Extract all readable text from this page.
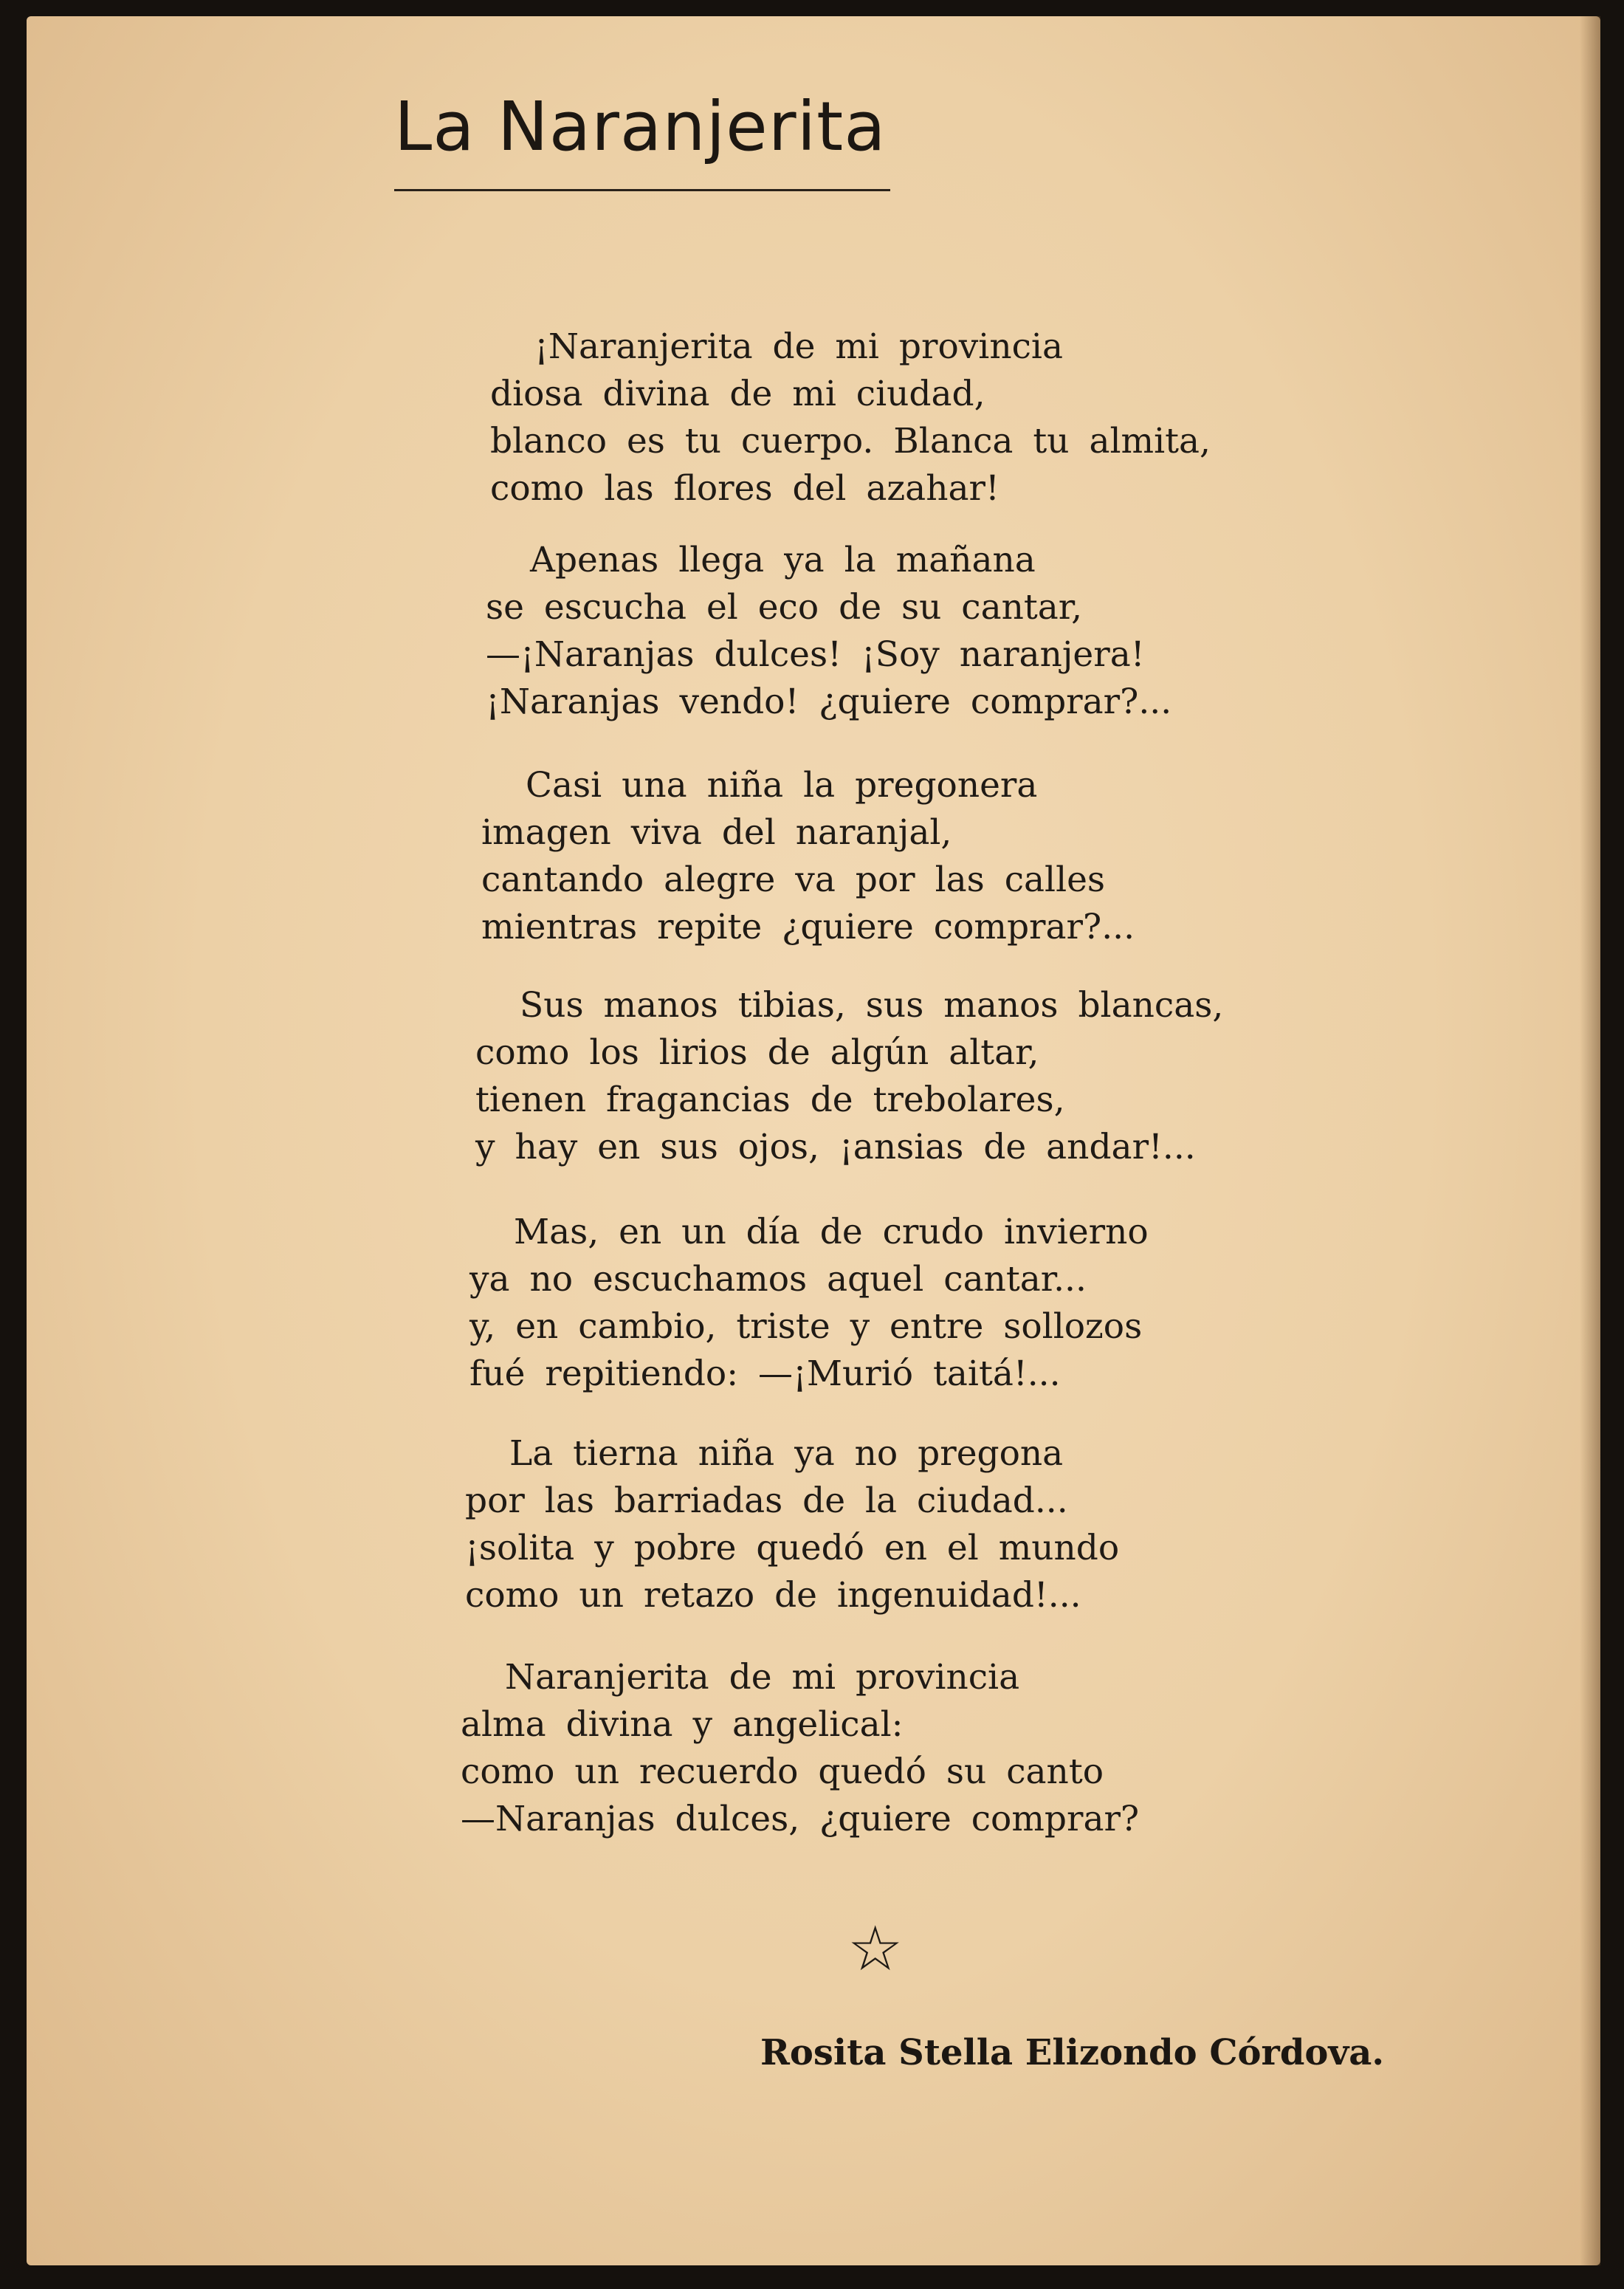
La Naranjerita
¡Naranjerita de mi provincia
diosa divina de mi ciudad,
blanco es tu cuerpo. Blanca tu almita,
como las flores del azahar!
Apenas llega ya la mañana
se escucha el eco de su cantar,
—¡Naranjas dulces! ¡Soy naranjera!
¡Naranjas vendo! ¿quiere comprar?...
Casi una niña la pregonera
imagen viva del naranjal,
cantando alegre va por las calles
mientras repite ¿quiere comprar?...
Sus manos tibias, sus manos blancas,
como los lirios de algún altar,
tienen fragancias de trebolares,
y hay en sus ojos, ¡ansias de andar!...
Mas, en un día de crudo invierno
ya no escuchamos aquel cantar...
y, en cambio, triste y entre sollozos
fué repitiendo: —¡Murió taitá!...
La tierna niña ya no pregona
por las barriadas de la ciudad...
¡solita y pobre quedó en el mundo
como un retazo de ingenuidad!...
Naranjerita de mi provincia
alma divina y angelical:
como un recuerdo quedó su canto
—Naranjas dulces, ¿quiere comprar?
☆
Rosita Stella Elizondo Córdova.
